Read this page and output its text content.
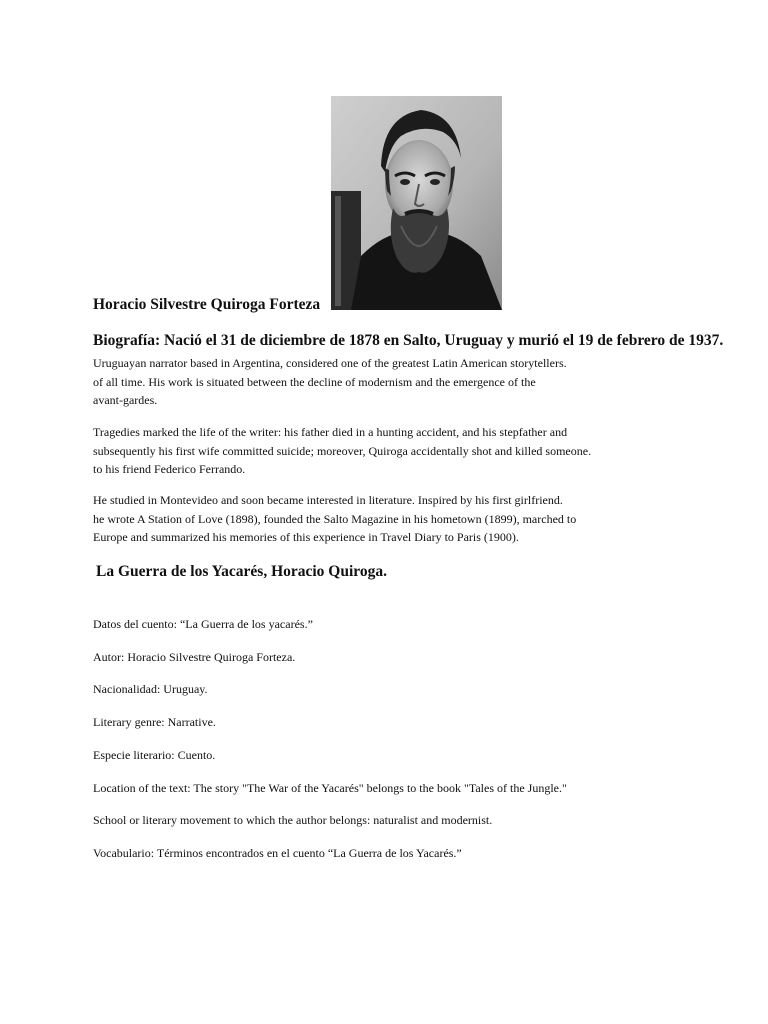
Horacio Silvestre Quiroga Forteza
Biografía: Nació el 31 de diciembre de 1878 en Salto, Uruguay y murió el 19 de febrero de 1937.

Uruguayan narrator based in Argentina, considered one of the greatest Latin American storytellers.
of all time. His work is situated between the decline of modernism and the emergence of the
avant-gardes.

Tragedies marked the life of the writer: his father died in a hunting accident, and his stepfather and
subsequently his first wife committed suicide; moreover, Quiroga accidentally shot and killed someone.
to his friend Federico Ferrando.

He studied in Montevideo and soon became interested in literature. Inspired by his first girlfriend.
he wrote A Station of Love (1898), founded the Salto Magazine in his hometown (1899), marched to
Europe and summarized his memories of this experience in Travel Diary to Paris (1900).

La Guerra de los Yacarés, Horacio Quiroga.
Datos del cuento: “La Guerra de los yacarés.”
Autor: Horacio Silvestre Quiroga Forteza.
Nacionalidad: Uruguay.
Literary genre: Narrative.
Especie literario: Cuento.
Location of the text: The story "The War of the Yacarés" belongs to the book "Tales of the Jungle."
School or literary movement to which the author belongs: naturalist and modernist.
Vocabulario: Términos encontrados en el cuento “La Guerra de los Yacarés.”
